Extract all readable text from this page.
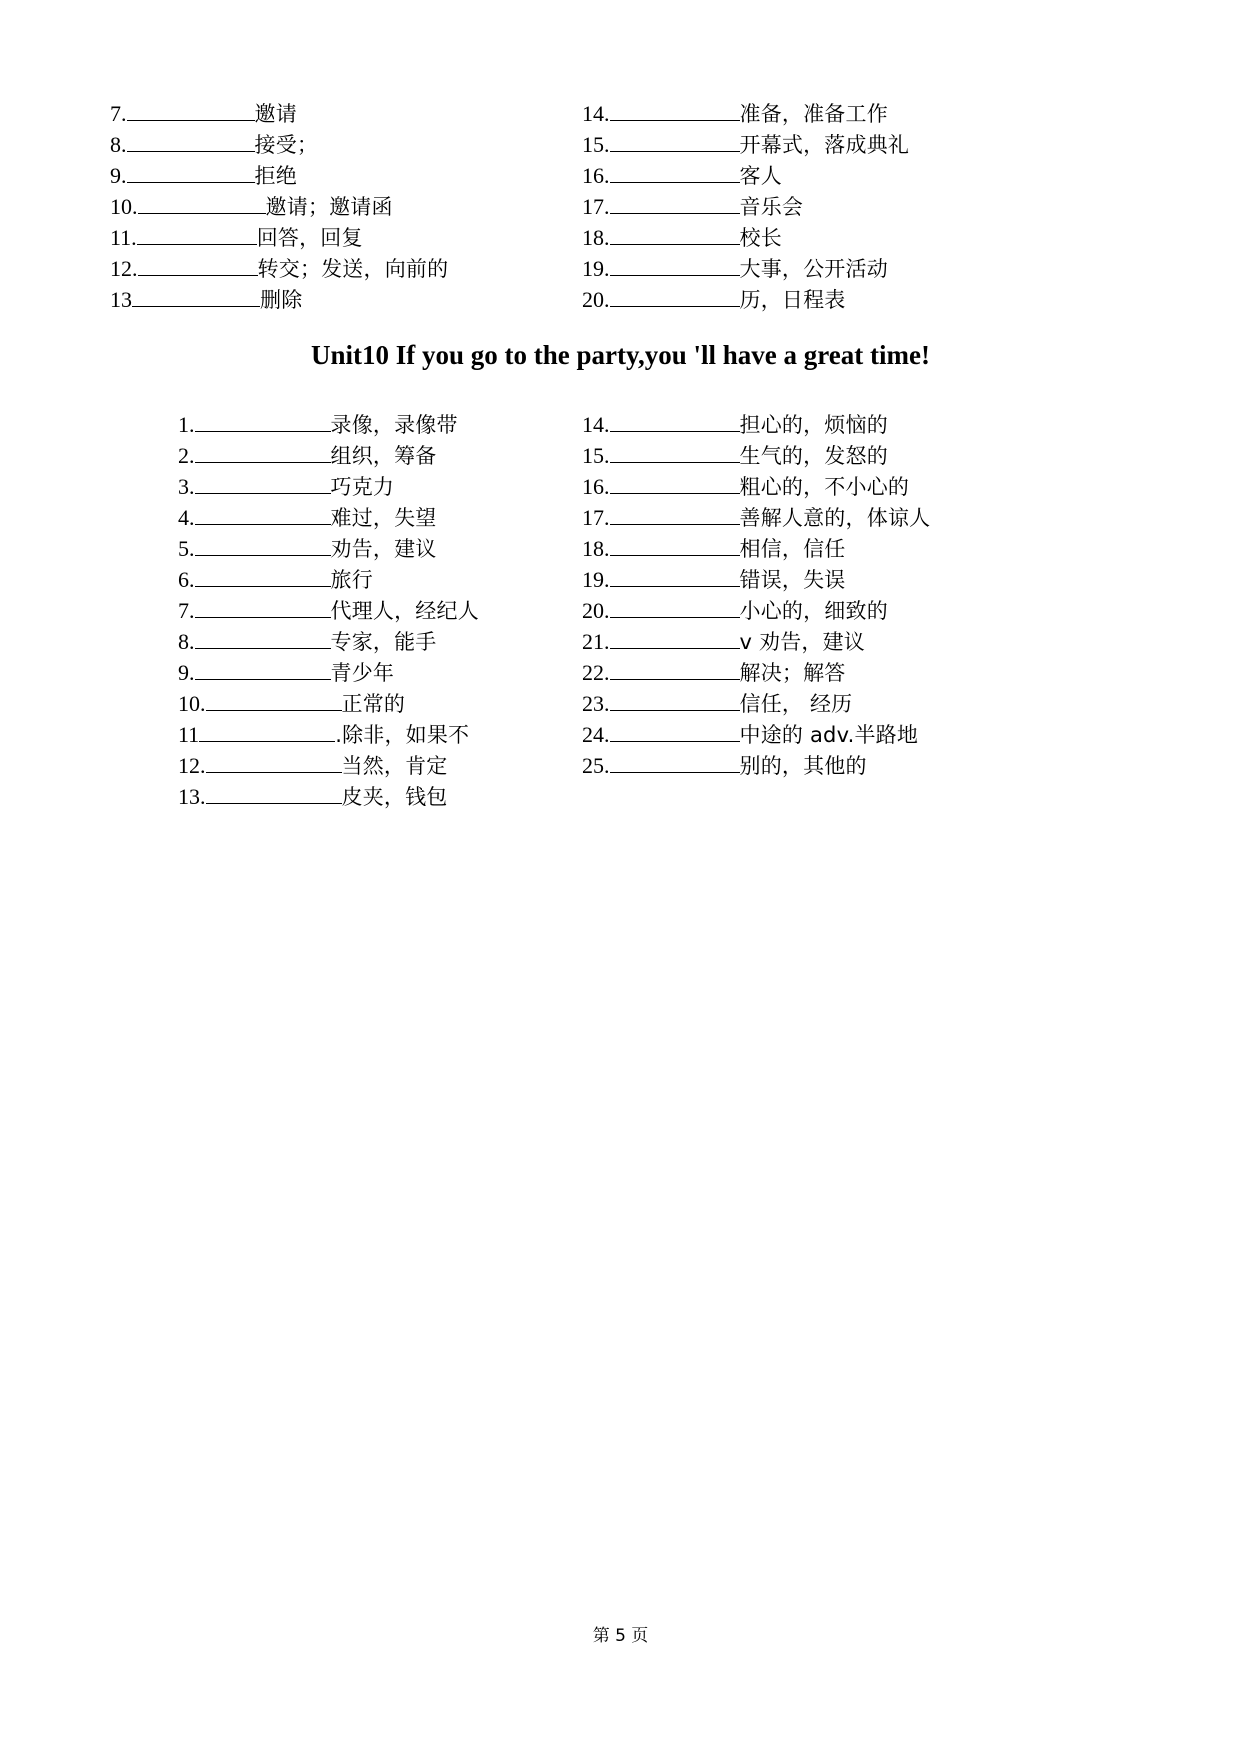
7.	邀请
8.	接受；
9.	拒绝
10.	邀请；邀请函
11.	回答，回复
12.	转交；发送，向前的
13	删除
14.	准备，准备工作
15.	开幕式，落成典礼
16.	客人
17.	音乐会
18.	校长
19.	大事，公开活动
20.	历，日程表
Unit10 If you go to the party,you 'll have a great time!
1.	录像，录像带
2.	组织，筹备
3.	巧克力
4.	难过，失望
5.	劝告，建议
6.	旅行
7.	代理人，经纪人
8.	专家，能手
9.	青少年
10.	正常的
11	.除非，如果不
12.	当然，肯定
13.	皮夹，钱包
14.	担心的，烦恼的
15.	生气的，发怒的
16.	粗心的，不小心的
17.	善解人意的，体谅人
18.	相信，信任
19.	错误，失误
20.	小心的，细致的
21.	v 劝告，建议
22.	解决；解答
23.	信任， 经历
24.	中途的 adv.半路地
25.	别的，其他的
第 5 页
